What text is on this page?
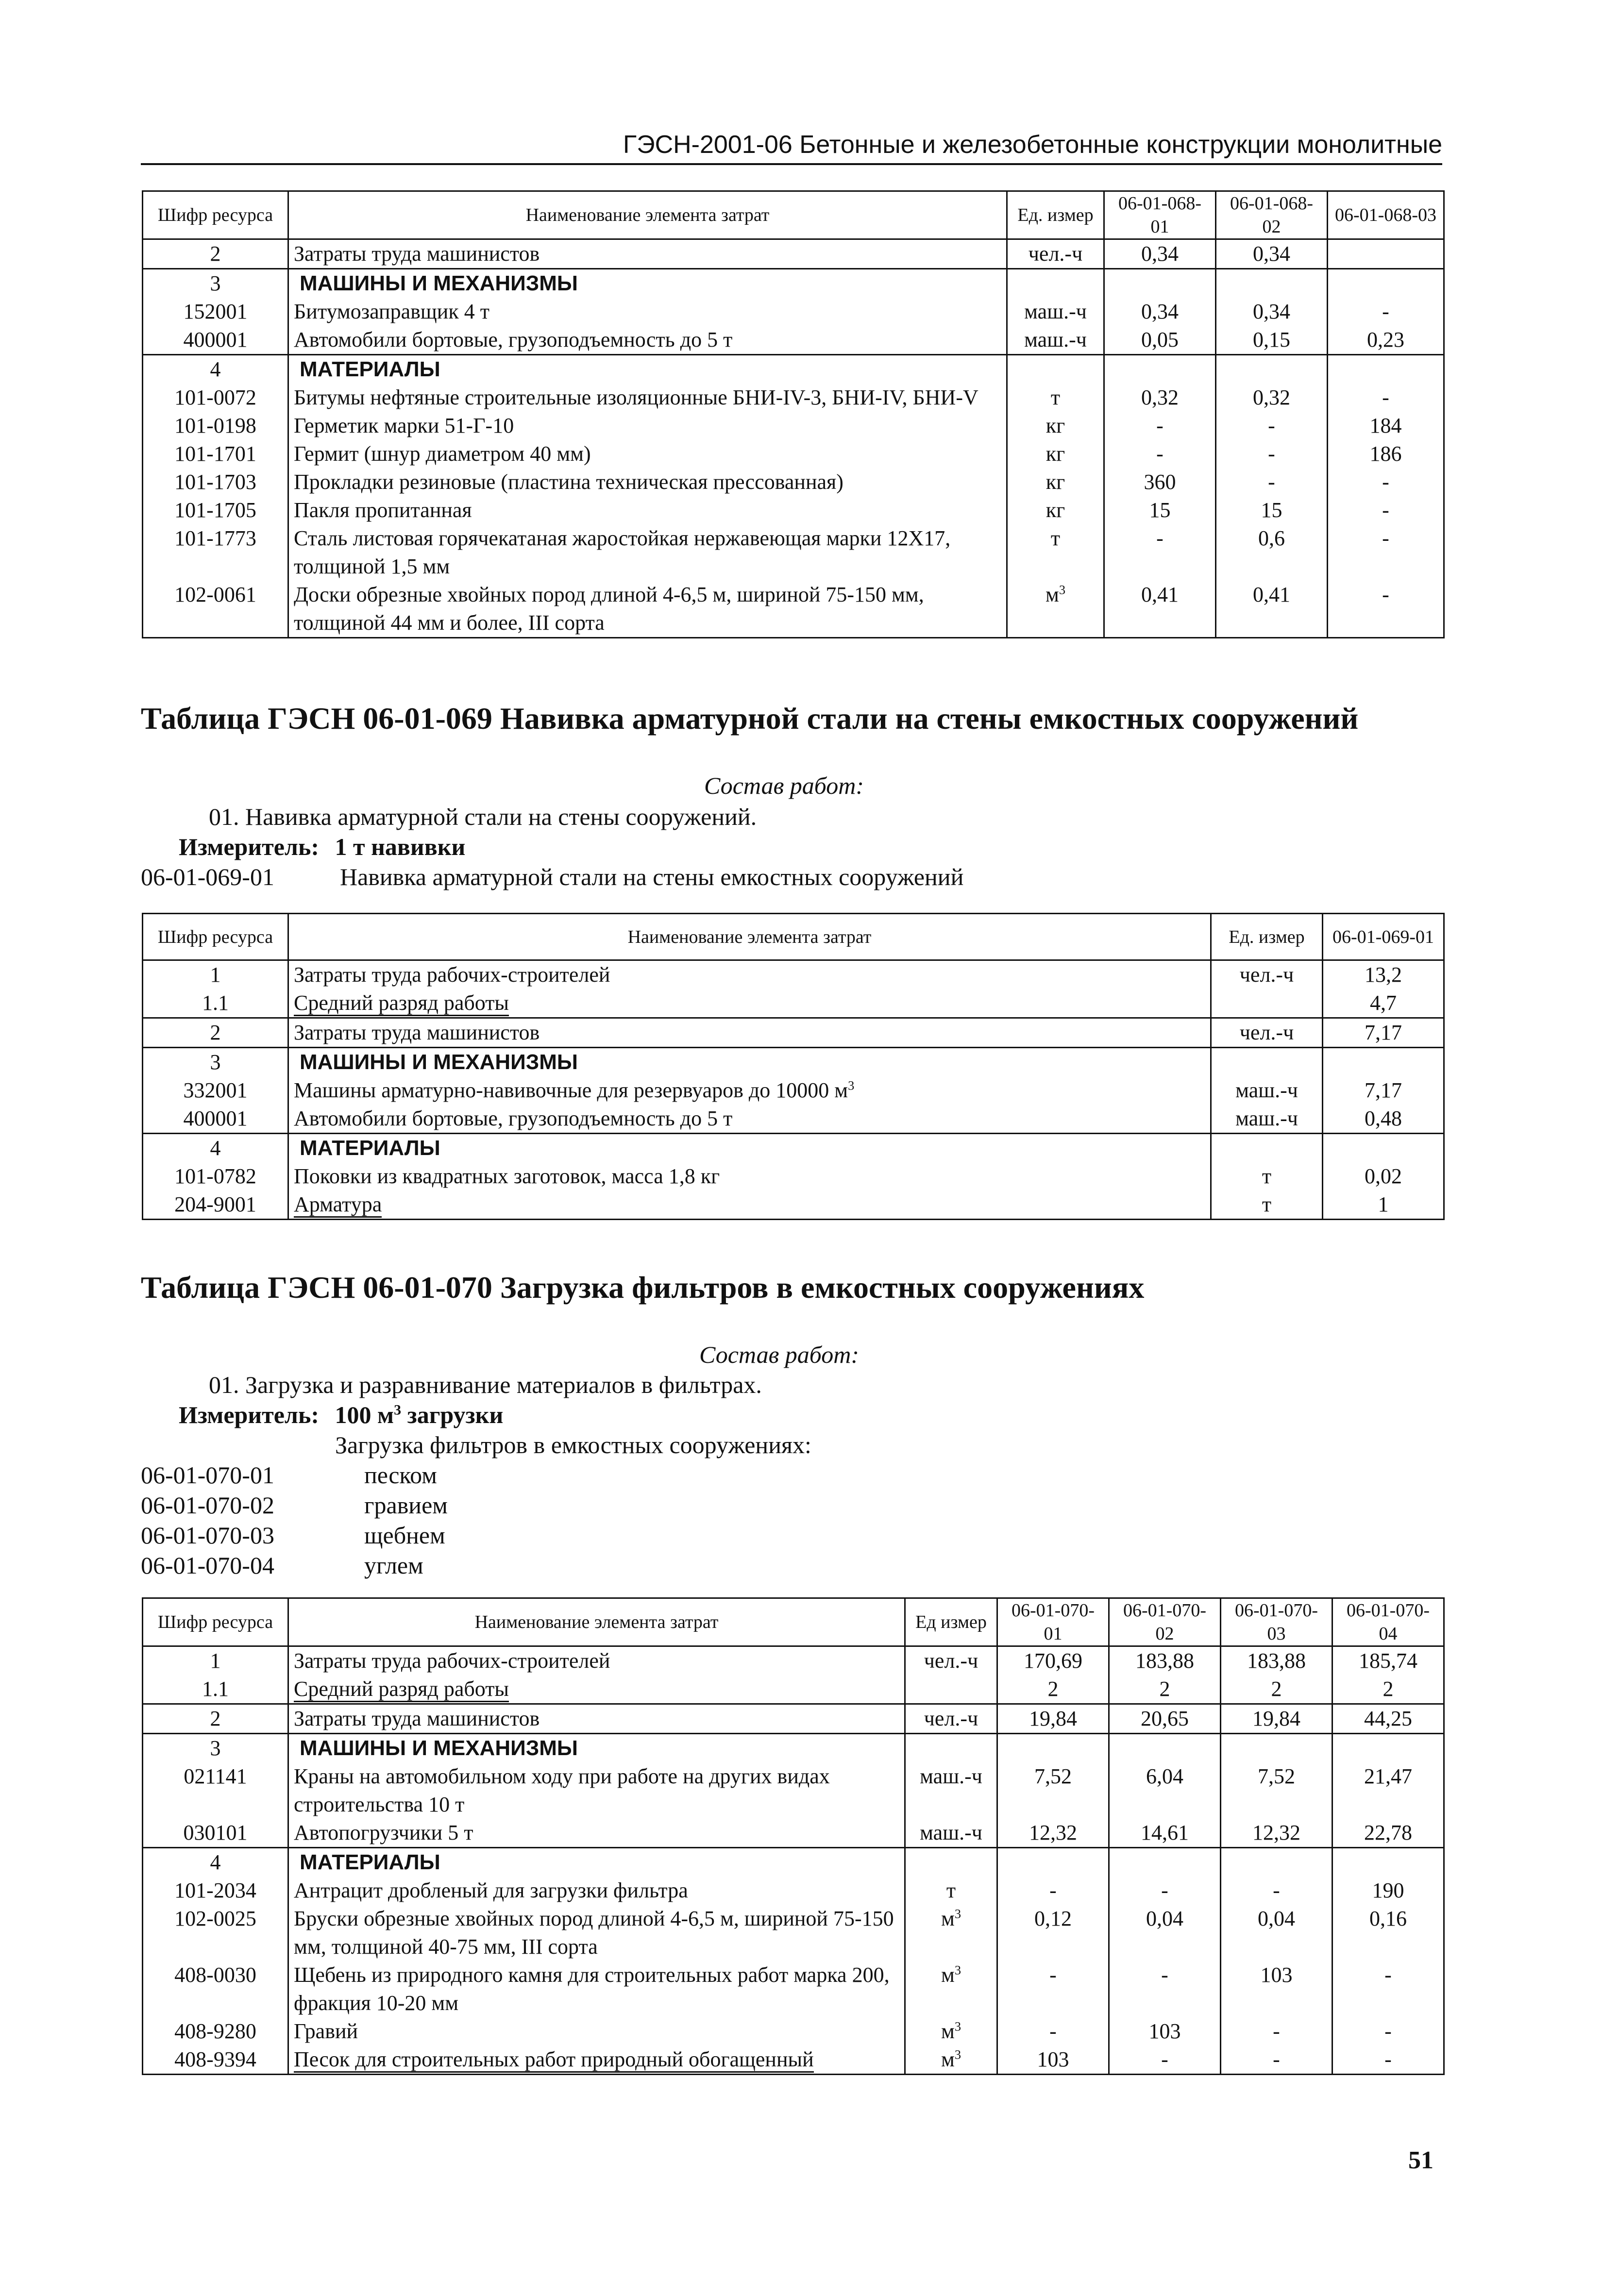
ГЭСН-2001-06 Бетонные и железобетонные конструкции монолитные
Шифр ресурса	Наименование элемента затрат	Ед. измер	06-01-068-01	06-01-068-02	06-01-068-03
2	Затраты труда машинистов	чел.-ч	0,34	0,34	
3	МАШИНЫ И МЕХАНИЗМЫ				
152001	Битумозаправщик 4 т	маш.-ч	0,34	0,34	-
400001	Автомобили бортовые, грузоподъемность до 5 т	маш.-ч	0,05	0,15	0,23
4	МАТЕРИАЛЫ				
101-0072	Битумы нефтяные строительные изоляционные БНИ-IV-3, БНИ-IV, БНИ-V	т	0,32	0,32	-
101-0198	Герметик марки 51-Г-10	кг	-	-	184
101-1701	Гермит (шнур диаметром 40 мм)	кг	-	-	186
101-1703	Прокладки резиновые (пластина техническая прессованная)	кг	360	-	-
101-1705	Пакля пропитанная	кг	15	15	-
101-1773	Сталь листовая горячекатаная жаростойкая нержавеющая марки 12Х17, толщиной 1,5 мм	т	-	0,6	-
102-0061	Доски обрезные хвойных пород длиной 4-6,5 м, шириной 75-150 мм, толщиной 44 мм и более, III сорта	$м^3$	0,41	0,41	-
Таблица ГЭСН 06-01-069 Навивка арматурной стали на стены емкостных сооружений
Состав работ:
01. Навивка арматурной стали на стены сооружений.
Измеритель: 1 т навивки
06-01-069-01	Навивка арматурной стали на стены емкостных сооружений
Шифр ресурса	Наименование элемента затрат	Ед. измер	06-01-069-01
1	Затраты труда рабочих-строителей	чел.-ч	13,2
1.1	Средний разряд работы		4,7
2	Затраты труда машинистов	чел.-ч	7,17
3	МАШИНЫ И МЕХАНИЗМЫ		
332001	Машины арматурно-навивочные для резервуаров до 10000 $м^3$	маш.-ч	7,17
400001	Автомобили бортовые, грузоподъемность до 5 т	маш.-ч	0,48
4	МАТЕРИАЛЫ		
101-0782	Поковки из квадратных заготовок, масса 1,8 кг	т	0,02
204-9001	Арматура	т	1
Таблица ГЭСН 06-01-070 Загрузка фильтров в емкостных сооружениях
Состав работ:
01. Загрузка и разравнивание материалов в фильтрах.
Измеритель: 100 $м^3$ загрузки
Загрузка фильтров в емкостных сооружениях:
06-01-070-01	песком
06-01-070-02	гравием
06-01-070-03	щебнем
06-01-070-04	углем
Шифр ресурса	Наименование элемента затрат	Ед измер	06-01-070-01	06-01-070-02	06-01-070-03	06-01-070-04
1	Затраты труда рабочих-строителей	чел.-ч	170,69	183,88	183,88	185,74
1.1	Средний разряд работы		2	2	2	2
2	Затраты труда машинистов	чел.-ч	19,84	20,65	19,84	44,25
3	МАШИНЫ И МЕХАНИЗМЫ					
021141	Краны на автомобильном ходу при работе на других видах строительства 10 т	маш.-ч	7,52	6,04	7,52	21,47
030101	Автопогрузчики 5 т	маш.-ч	12,32	14,61	12,32	22,78
4	МАТЕРИАЛЫ					
101-2034	Антрацит дробленый для загрузки фильтра	т	-	-	-	190
102-0025	Бруски обрезные хвойных пород длиной 4-6,5 м, шириной 75-150 мм, толщиной 40-75 мм, III сорта	$м^3$	0,12	0,04	0,04	0,16
408-0030	Щебень из природного камня для строительных работ марка 200, фракция 10-20 мм	$м^3$	-	-	103	-
408-9280	Гравий	$м^3$	-	103	-	-
408-9394	Песок для строительных работ природный обогащенный	$м^3$	103	-	-	-
51
